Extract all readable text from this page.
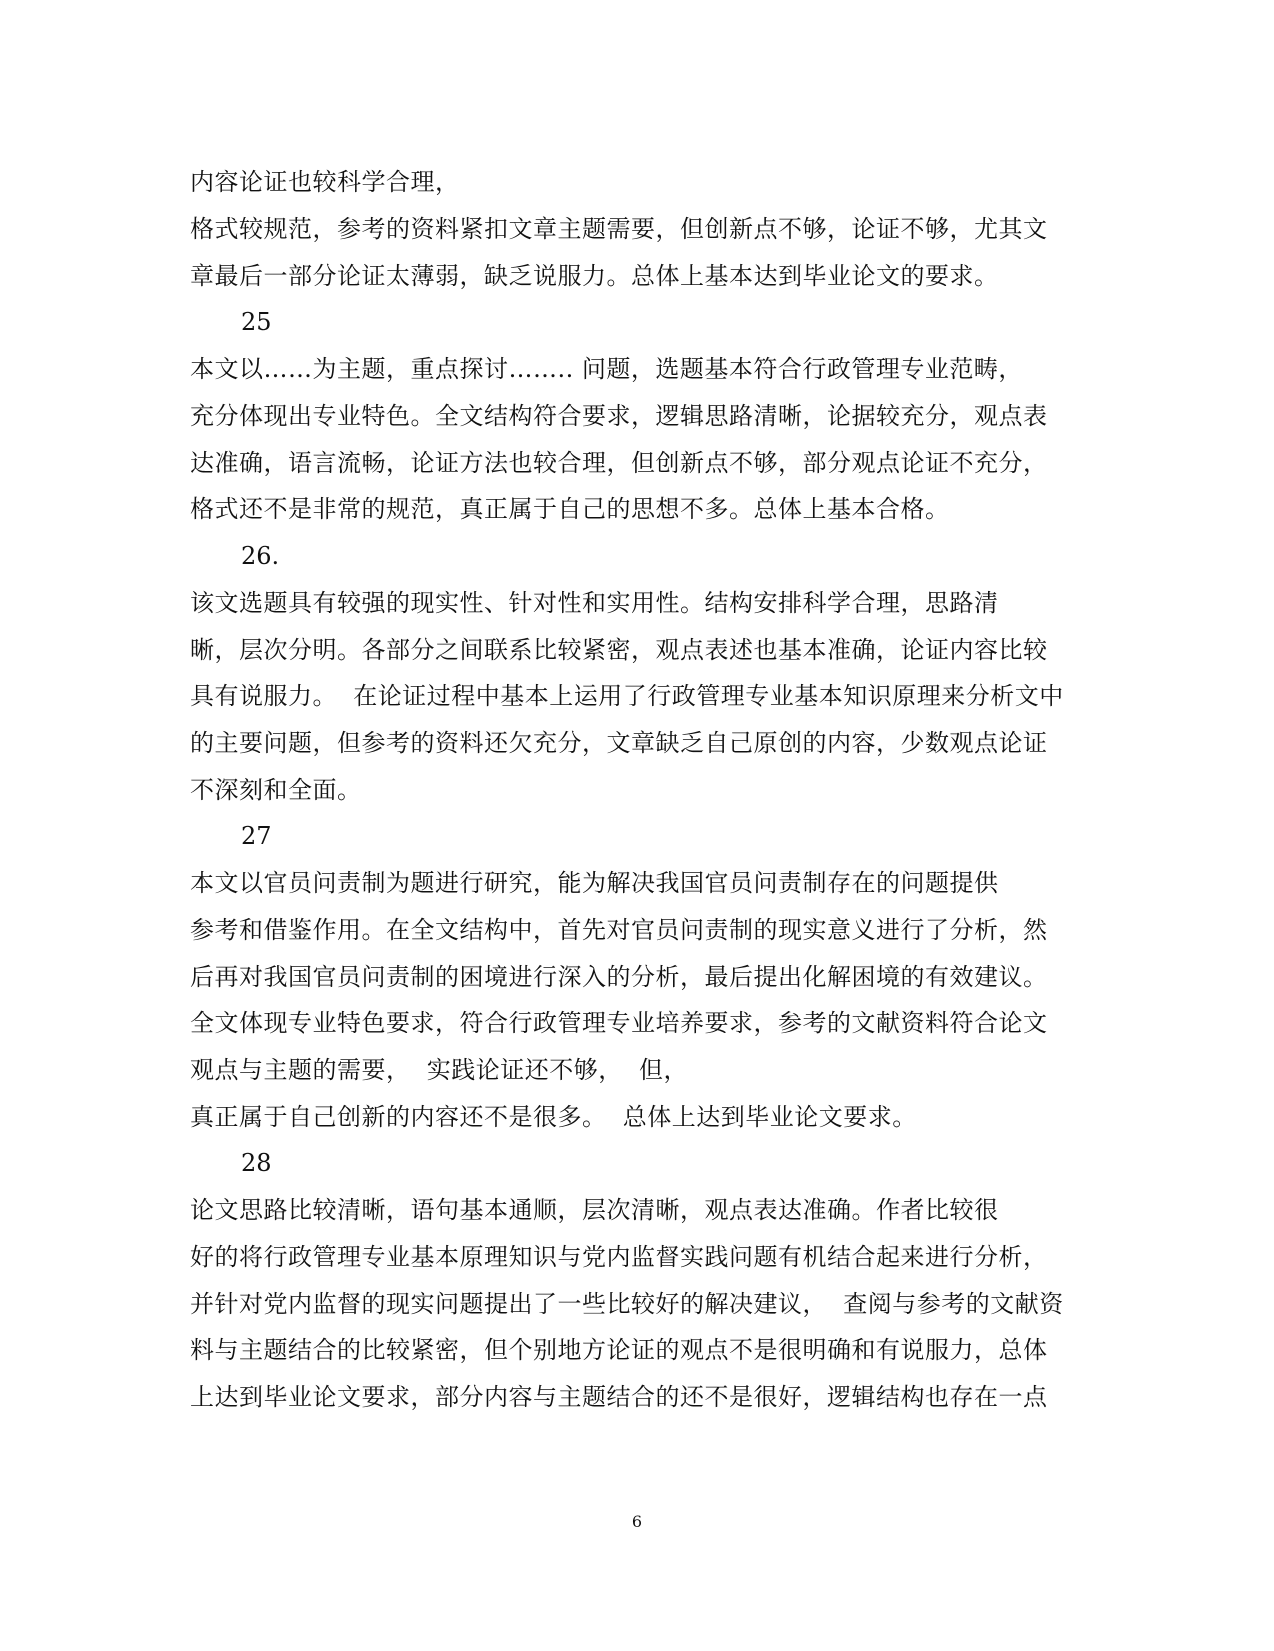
内容论证也较科学合理，
格式较规范，参考的资料紧扣文章主题需要，但创新点不够，论证不够，尤其文
章最后一部分论证太薄弱，缺乏说服力。总体上基本达到毕业论文的要求。
25
本文以……为主题，重点探讨…….. 问题，选题基本符合行政管理专业范畴，
充分体现出专业特色。全文结构符合要求，逻辑思路清晰，论据较充分，观点表
达准确，语言流畅，论证方法也较合理，但创新点不够，部分观点论证不充分，
格式还不是非常的规范，真正属于自己的思想不多。总体上基本合格。
26.
该文选题具有较强的现实性、针对性和实用性。结构安排科学合理，思路清
晰，层次分明。各部分之间联系比较紧密，观点表述也基本准确，论证内容比较
具有说服力。  在论证过程中基本上运用了行政管理专业基本知识原理来分析文中
的主要问题，但参考的资料还欠充分，文章缺乏自己原创的内容，少数观点论证
不深刻和全面。
27
本文以官员问责制为题进行研究，能为解决我国官员问责制存在的问题提供
参考和借鉴作用。在全文结构中，首先对官员问责制的现实意义进行了分析，然
后再对我国官员问责制的困境进行深入的分析，最后提出化解困境的有效建议。
全文体现专业特色要求，符合行政管理专业培养要求，参考的文献资料符合论文
观点与主题的需要，  实践论证还不够，  但，
真正属于自己创新的内容还不是很多。  总体上达到毕业论文要求。
28
论文思路比较清晰，语句基本通顺，层次清晰，观点表达准确。作者比较很
好的将行政管理专业基本原理知识与党内监督实践问题有机结合起来进行分析，
并针对党内监督的现实问题提出了一些比较好的解决建议，  查阅与参考的文献资
料与主题结合的比较紧密，但个别地方论证的观点不是很明确和有说服力，总体
上达到毕业论文要求，部分内容与主题结合的还不是很好，逻辑结构也存在一点
6
